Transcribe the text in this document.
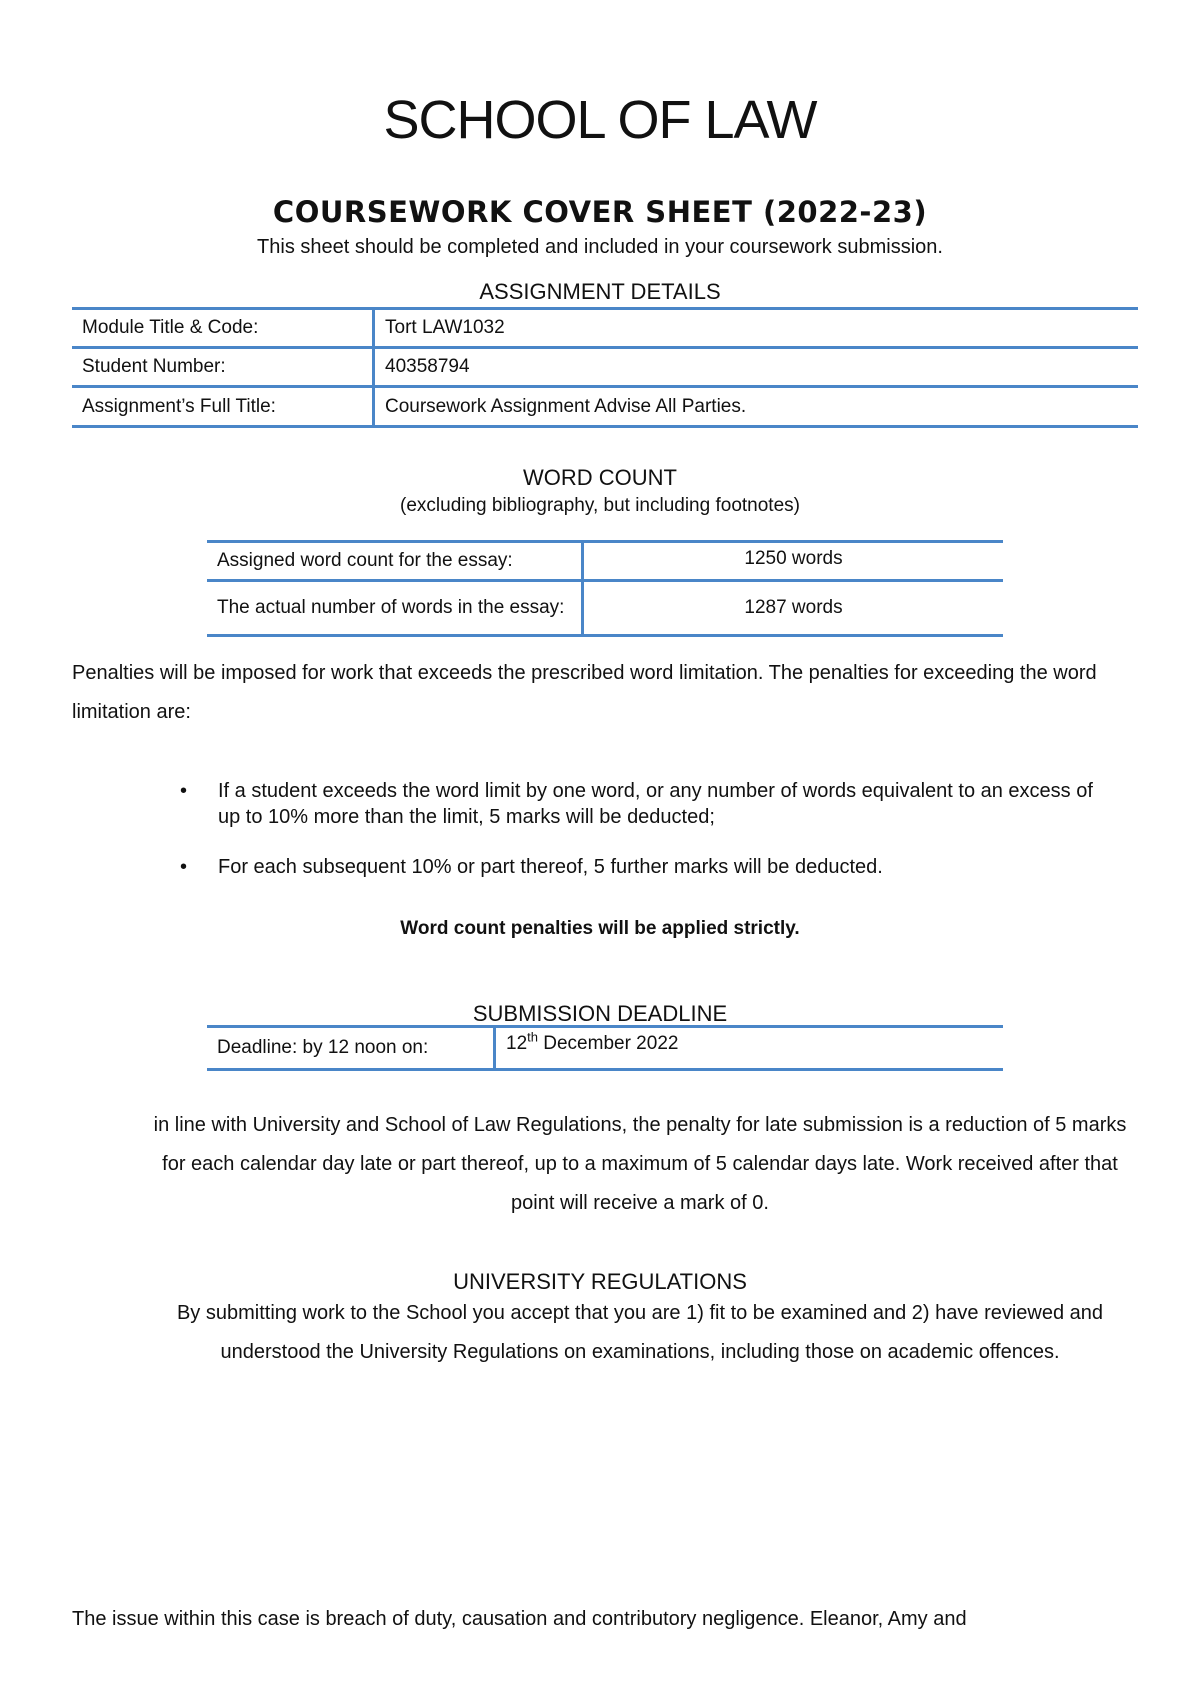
SCHOOL OF LAW
COURSEWORK COVER SHEET (2022-23)
This sheet should be completed and included in your coursework submission.
ASSIGNMENT DETAILS
Module Title & Code:	Tort LAW1032
Student Number:	40358794
Assignment’s Full Title:	Coursework Assignment Advise All Parties.
WORD COUNT
(excluding bibliography, but including footnotes)
Assigned word count for the essay:	1250 words
The actual number of words in the essay:	1287 words
Penalties will be imposed for work that exceeds the prescribed word limitation. The penalties for exceeding the word limitation are:
• If a student exceeds the word limit by one word, or any number of words equivalent to an excess of up to 10% more than the limit, 5 marks will be deducted;
• For each subsequent 10% or part thereof, 5 further marks will be deducted.
Word count penalties will be applied strictly.
SUBMISSION DEADLINE
Deadline: by 12 noon on:	12th December 2022
in line with University and School of Law Regulations, the penalty for late submission is a reduction of 5 marks for each calendar day late or part thereof, up to a maximum of 5 calendar days late. Work received after that point will receive a mark of 0.
UNIVERSITY REGULATIONS
By submitting work to the School you accept that you are 1) fit to be examined and 2) have reviewed and understood the University Regulations on examinations, including those on academic offences.
The issue within this case is breach of duty, causation and contributory negligence. Eleanor, Amy and
